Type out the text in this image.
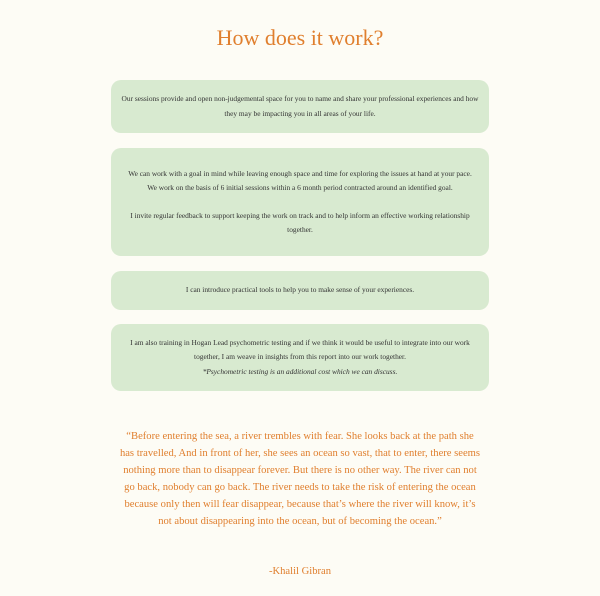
How does it work?

Our sessions provide and open non-judgemental space for you to name and share your professional experiences and how they may be impacting you in all areas of your life.

We can work with a goal in mind while leaving enough space and time for exploring the issues at hand at your pace.

We work on the basis of 6 initial sessions within a 6 month period contracted around an identified goal.

I invite regular feedback to support keeping the work on track and to help inform an effective working relationship together.

I can introduce practical tools to help you to make sense of your experiences.

I am also training in Hogan Lead psychometric testing and if we think it would be useful to integrate into our work together, I am weave in insights from this report into our work together.

*Psychometric testing is an additional cost which we can discuss.

“Before entering the sea, a river trembles with fear. She looks back at the path she has travelled, And in front of her, she sees an ocean so vast, that to enter, there seems nothing more than to disappear forever. But there is no other way. The river can not go back, nobody can go back. The river needs to take the risk of entering the ocean because only then will fear disappear, because that’s where the river will know, it’s not about disappearing into the ocean, but of becoming the ocean.”
-Khalil Gibran
